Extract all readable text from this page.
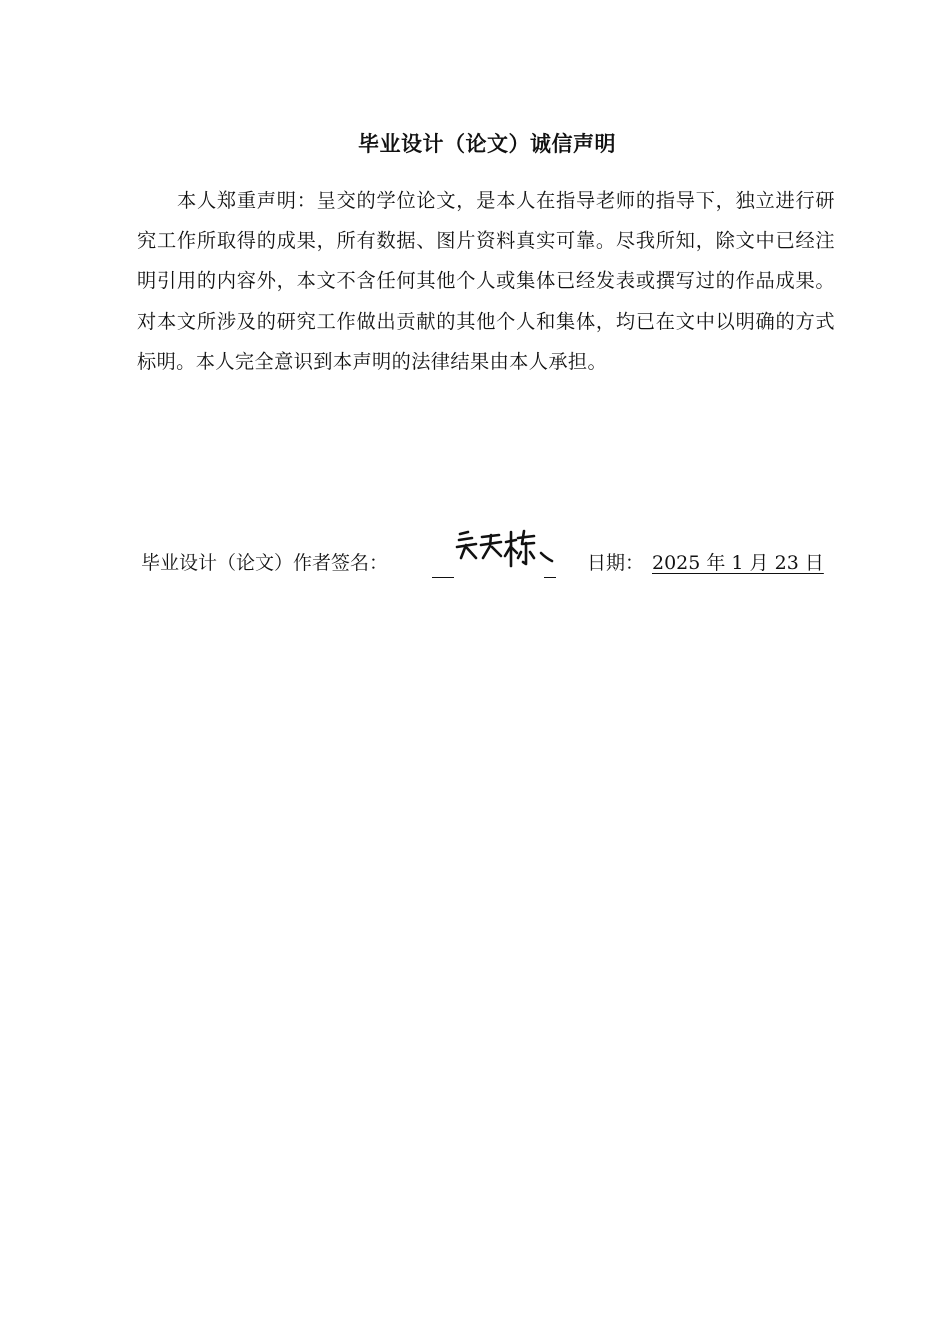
毕业设计（论文）诚信声明

本人郑重声明：呈交的学位论文，是本人在指导老师的指导下，独立进行研究工作所取得的成果，所有数据、图片资料真实可靠。尽我所知，除文中已经注明引用的内容外，本文不含任何其他个人或集体已经发表或撰写过的作品成果。对本文所涉及的研究工作做出贡献的其他个人和集体，均已在文中以明确的方式标明。本人完全意识到本声明的法律结果由本人承担。

毕业设计（论文）作者签名：	日期： 2025 年 1 月 23 日
